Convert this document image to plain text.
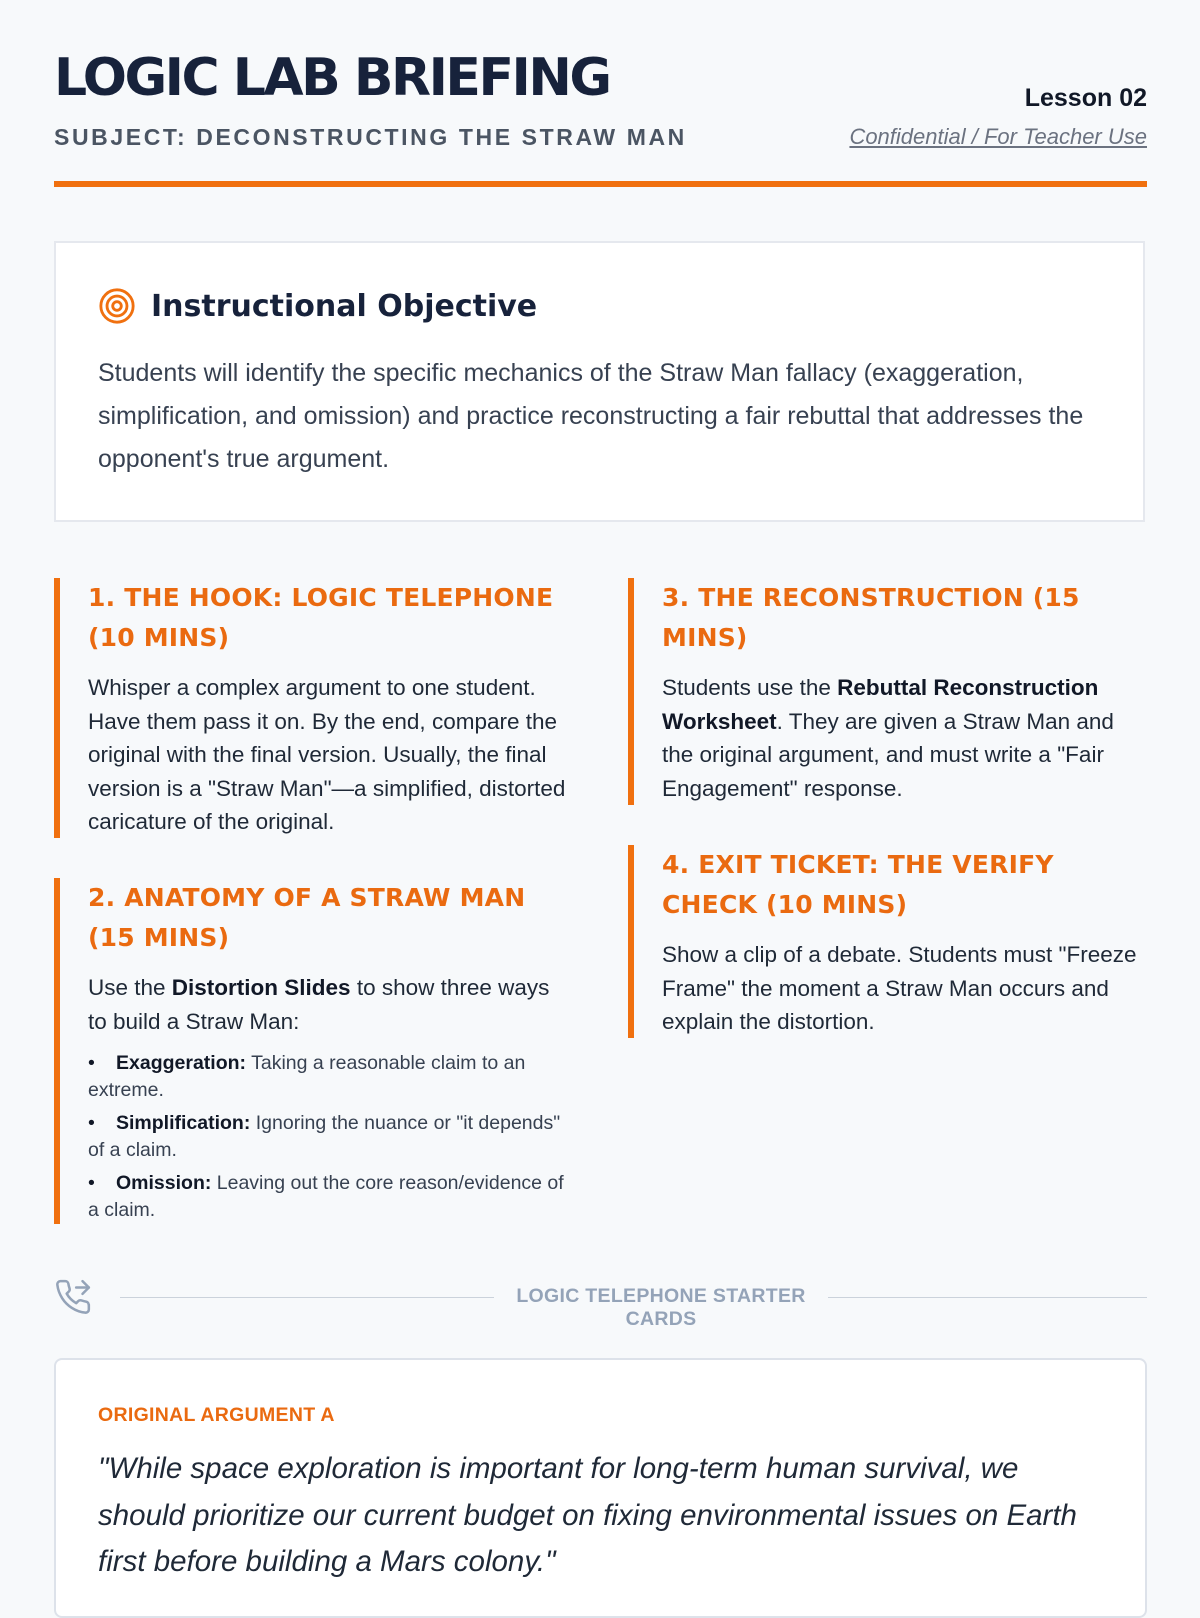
LOGIC LAB BRIEFING
SUBJECT: DECONSTRUCTING THE STRAW MAN
Lesson 02
Confidential / For Teacher Use
Instructional Objective
Students will identify the specific mechanics of the Straw Man fallacy (exaggeration, simplification, and omission) and practice reconstructing a fair rebuttal that addresses the opponent's true argument.
1. THE HOOK: LOGIC TELEPHONE (10 MINS)
Whisper a complex argument to one student. Have them pass it on. By the end, compare the original with the final version. Usually, the final version is a "Straw Man"—a simplified, distorted caricature of the original.
2. ANATOMY OF A STRAW MAN (15 MINS)
Use the Distortion Slides to show three ways to build a Straw Man:
• Exaggeration: Taking a reasonable claim to an extreme.
• Simplification: Ignoring the nuance or "it depends" of a claim.
• Omission: Leaving out the core reason/evidence of a claim.
3. THE RECONSTRUCTION (15 MINS)
Students use the Rebuttal Reconstruction Worksheet. They are given a Straw Man and the original argument, and must write a "Fair Engagement" response.
4. EXIT TICKET: THE VERIFY CHECK (10 MINS)
Show a clip of a debate. Students must "Freeze Frame" the moment a Straw Man occurs and explain the distortion.
LOGIC TELEPHONE STARTER CARDS
ORIGINAL ARGUMENT A
"While space exploration is important for long-term human survival, we should prioritize our current budget on fixing environmental issues on Earth first before building a Mars colony."
